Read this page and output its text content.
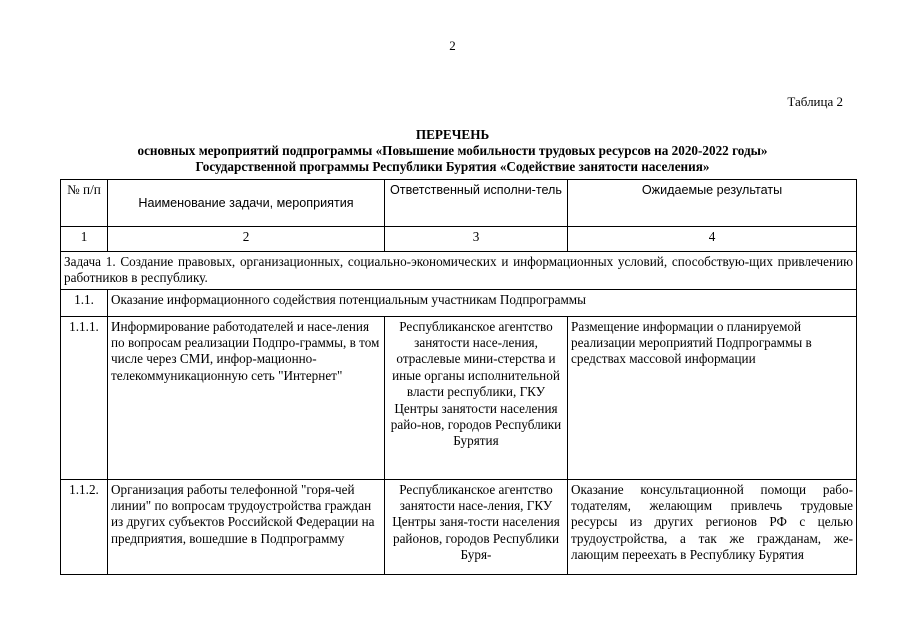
2
Таблица 2
ПЕРЕЧЕНЬ
основных мероприятий подпрограммы «Повышение мобильности трудовых ресурсов на 2020-2022 годы»
Государственной программы Республики Бурятия «Содействие занятости населения»
№ п/п	Наименование задачи, мероприятия	Ответственный исполни-тель	Ожидаемые результаты
1	2	3	4
Задача 1. Создание правовых, организационных, социально-экономических и информационных условий, способствую-щих привлечению работников в республику.			
1.1.	Оказание информационного содействия потенциальным участникам Подпрограммы		
1.1.1.	Информирование работодателей и насе-ления по вопросам реализации Подпро-граммы, в том числе через СМИ, инфор-мационно-телекоммуникационную сеть "Интернет"	Республиканское агентство занятости насе-ления, отраслевые мини-стерства и иные органы исполнительной власти республики, ГКУ Центры занятости населения райо-нов, городов Республики Бурятия	Размещение информации о планируемой реализации мероприятий Подпрограммы в средствах массовой информации
1.1.2.	Организация работы телефонной "горя-чей линии" по вопросам трудоустройства граждан из других субъектов Российской Федерации на предприятия, вошедшие в Подпрограмму	Республиканское агентство занятости насе-ления, ГКУ Центры заня-тости населения районов, городов Республики Буря-	Оказание консультационной помощи рабо-тодателям, желающим привлечь трудовые ресурсы из других регионов РФ с целью трудоустройства, а так же гражданам, же-лающим переехать в Республику Бурятия
